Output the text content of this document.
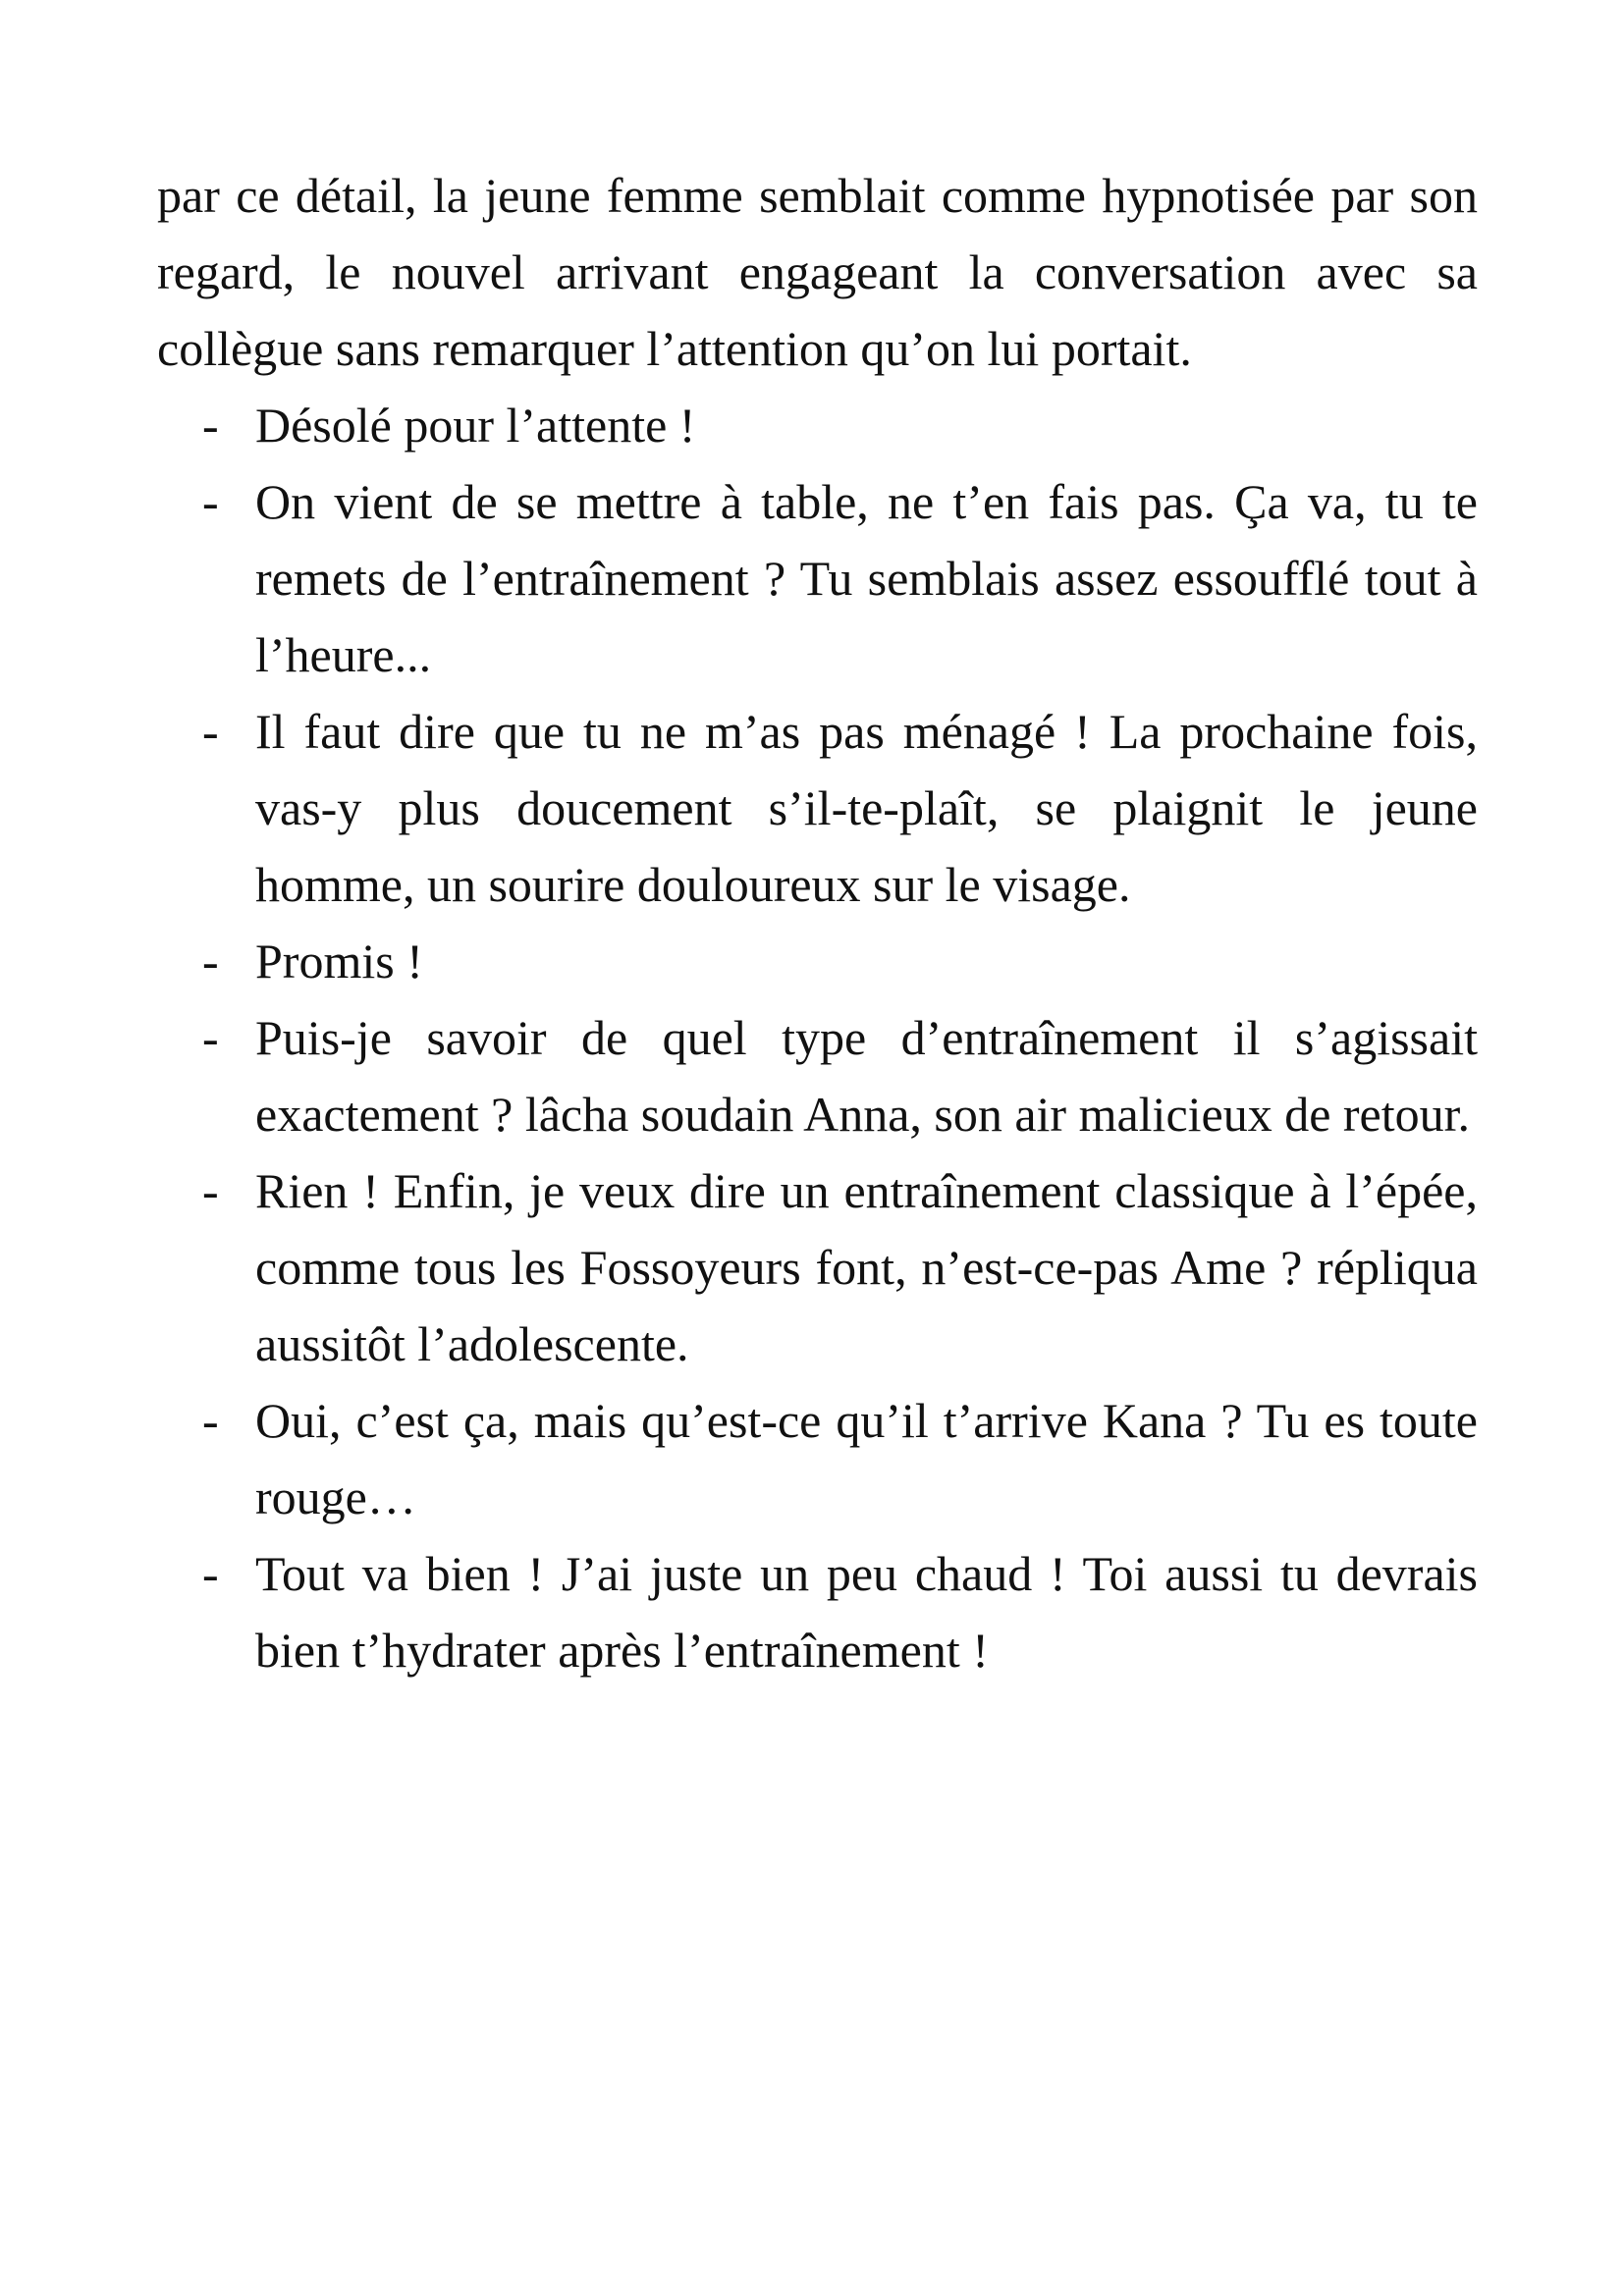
par ce détail, la jeune femme semblait comme hypnotisée par son regard, le nouvel arrivant engageant la conversation avec sa collègue sans remarquer l’attention qu’on lui portait.

- Désolé pour l’attente !
- On vient de se mettre à table, ne t’en fais pas. Ça va, tu te remets de l’entraînement ? Tu semblais assez essoufflé tout à l’heure...
- Il faut dire que tu ne m’as pas ménagé ! La prochaine fois, vas-y plus doucement s’il-te-plaît, se plaignit le jeune homme, un sourire douloureux sur le visage.
- Promis !
- Puis-je savoir de quel type d’entraînement il s’agissait exactement ? lâcha soudain Anna, son air malicieux de retour.
- Rien ! Enfin, je veux dire un entraînement classique à l’épée, comme tous les Fossoyeurs font, n’est-ce-pas Ame ? répliqua aussitôt l’adolescente.
- Oui, c’est ça, mais qu’est-ce qu’il t’arrive Kana ? Tu es toute rouge…
- Tout va bien ! J’ai juste un peu chaud ! Toi aussi tu devrais bien t’hydrater après l’entraînement !
